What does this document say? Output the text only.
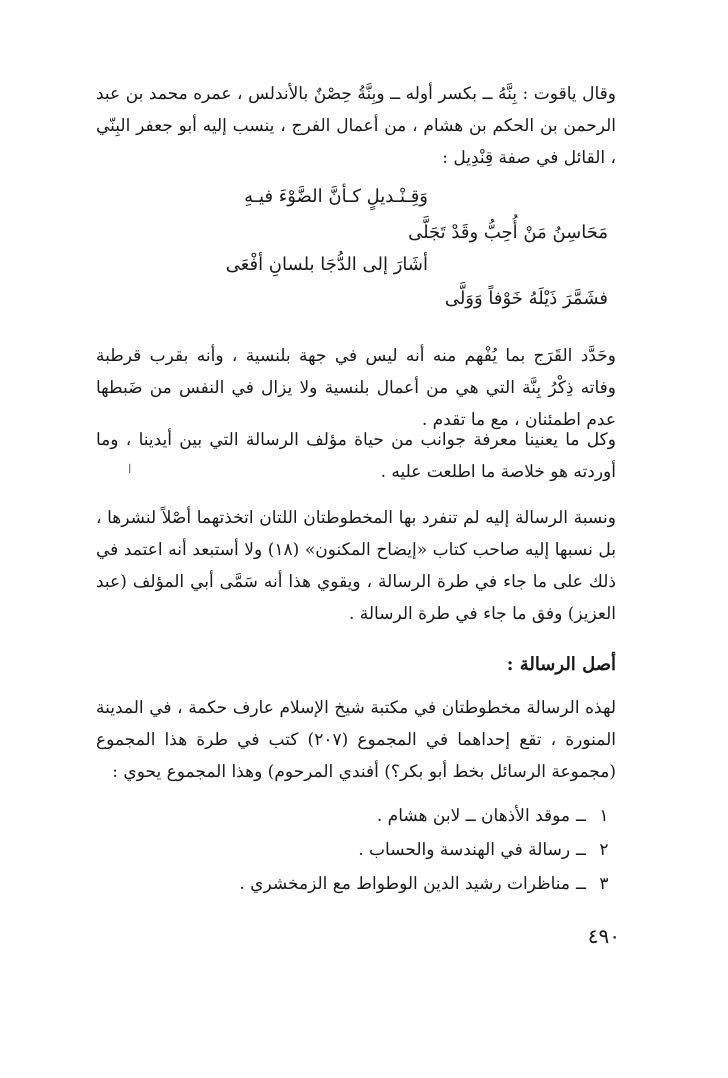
وقال ياقوت : بِنَّهُ ــ بكسر أوله ــ وبِنَّةُ حِصْنٌ بالأندلس ، عمره محمد بن عبد الرحمن بن الحكم بن هشام ، من أعمال الفرج ، ينسب إليه أبو جعفر البِنّي ، القائل في صفة قِنْدِيل :

وَقِـنْـديلٍ كـأنَّ الضَّوْءَ فيـهِ
مَحَاسِنُ مَنْ أُحِبُّ وقَدْ تَجَلَّى
أشَارَ إلى الدُّجَا بلسانِ أفْعَى
فشَمَّرَ ذَيْلَهُ خَوْفاً وَوَلَّى

وحَدَّد القَرَج بما يُفْهم منه أنه ليس في جهة بلنسية ، وأنه بقرب قرطبة وفاته ذِكْرُ بِنَّة التي هي من أعمال بلنسية ولا يزال في النفس من ضَبطها عدم اطمئنان ، مع ما تقدم .

وكل ما يعنينا معرفة جوانب من حياة مؤلف الرسالة التي بين أيدينا ، وما أوردته هو خلاصة ما اطلعت عليه .

ا

ونسبة الرسالة إليه لم تنفرد بها المخطوطتان اللتان اتخذتهما أصْلاً لنشرها ، بل نسبها إليه صاحب كتاب «إيضاح المكنون» (١٨) ولا أستبعد أنه اعتمد في ذلك على ما جاء في طرة الرسالة ، ويقوي هذا أنه سَمَّى أبي المؤلف (عبد العزيز) وفق ما جاء في طرة الرسالة .

أصل الرسالة :

لهذه الرسالة مخطوطتان في مكتبة شيخ الإسلام عارف حكمة ، في المدينة المنورة ، تقع إحداهما في المجموع (٢٠٧) كتب في طرة هذا المجموع (مجموعة الرسائل بخط أبو بكر؟) أفندي المرحوم) وهذا المجموع يحوي :

١ــموقد الأذهان ــ لابن هشام .
٢ــرسالة في الهندسة والحساب .
٣ــمناظرات رشيد الدين الوطواط مع الزمخشري .
٤٩٠
